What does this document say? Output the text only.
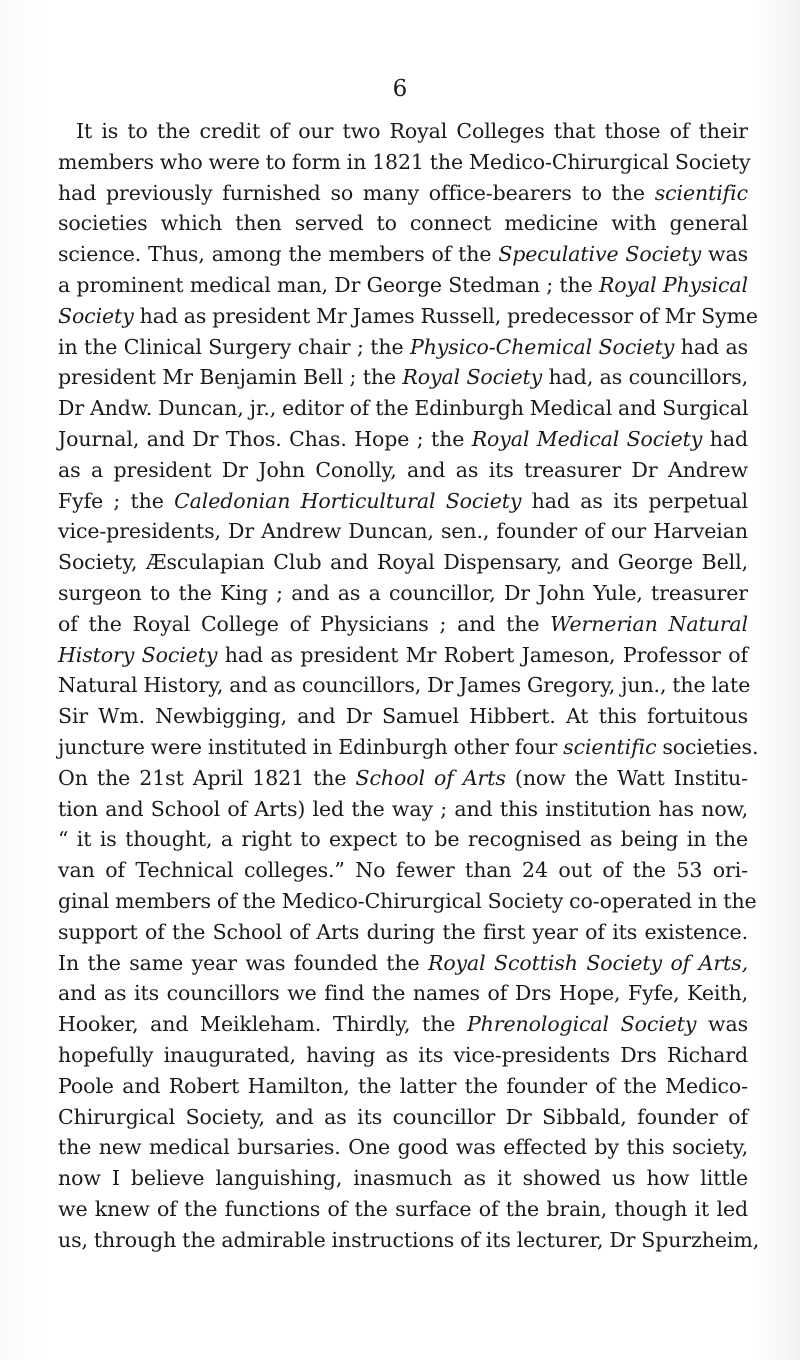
6
It is to the credit of our two Royal Colleges that those of their
members who were to form in 1821 the Medico-Chirurgical Society
had previously furnished so many office-bearers to the scientific
societies which then served to connect medicine with general
science. Thus, among the members of the Speculative Society was
a prominent medical man, Dr George Stedman ; the Royal Physical
Society had as president Mr James Russell, predecessor of Mr Syme
in the Clinical Surgery chair ; the Physico-Chemical Society had as
president Mr Benjamin Bell ; the Royal Society had, as councillors,
Dr Andw. Duncan, jr., editor of the Edinburgh Medical and Surgical
Journal, and Dr Thos. Chas. Hope ; the Royal Medical Society had
as a president Dr John Conolly, and as its treasurer Dr Andrew
Fyfe ; the Caledonian Horticultural Society had as its perpetual
vice-presidents, Dr Andrew Duncan, sen., founder of our Harveian
Society, Æsculapian Club and Royal Dispensary, and George Bell,
surgeon to the King ; and as a councillor, Dr John Yule, treasurer
of the Royal College of Physicians ; and the Wernerian Natural
History Society had as president Mr Robert Jameson, Professor of
Natural History, and as councillors, Dr James Gregory, jun., the late
Sir Wm. Newbigging, and Dr Samuel Hibbert. At this fortuitous
juncture were instituted in Edinburgh other four scientific societies.
On the 21st April 1821 the School of Arts (now the Watt Institu-
tion and School of Arts) led the way ; and this institution has now,
“ it is thought, a right to expect to be recognised as being in the
van of Technical colleges.” No fewer than 24 out of the 53 ori-
ginal members of the Medico-Chirurgical Society co-operated in the
support of the School of Arts during the first year of its existence.
In the same year was founded the Royal Scottish Society of Arts,
and as its councillors we find the names of Drs Hope, Fyfe, Keith,
Hooker, and Meikleham. Thirdly, the Phrenological Society was
hopefully inaugurated, having as its vice-presidents Drs Richard
Poole and Robert Hamilton, the latter the founder of the Medico-
Chirurgical Society, and as its councillor Dr Sibbald, founder of
the new medical bursaries. One good was effected by this society,
now I believe languishing, inasmuch as it showed us how little
we knew of the functions of the surface of the brain, though it led
us, through the admirable instructions of its lecturer, Dr Spurzheim,
